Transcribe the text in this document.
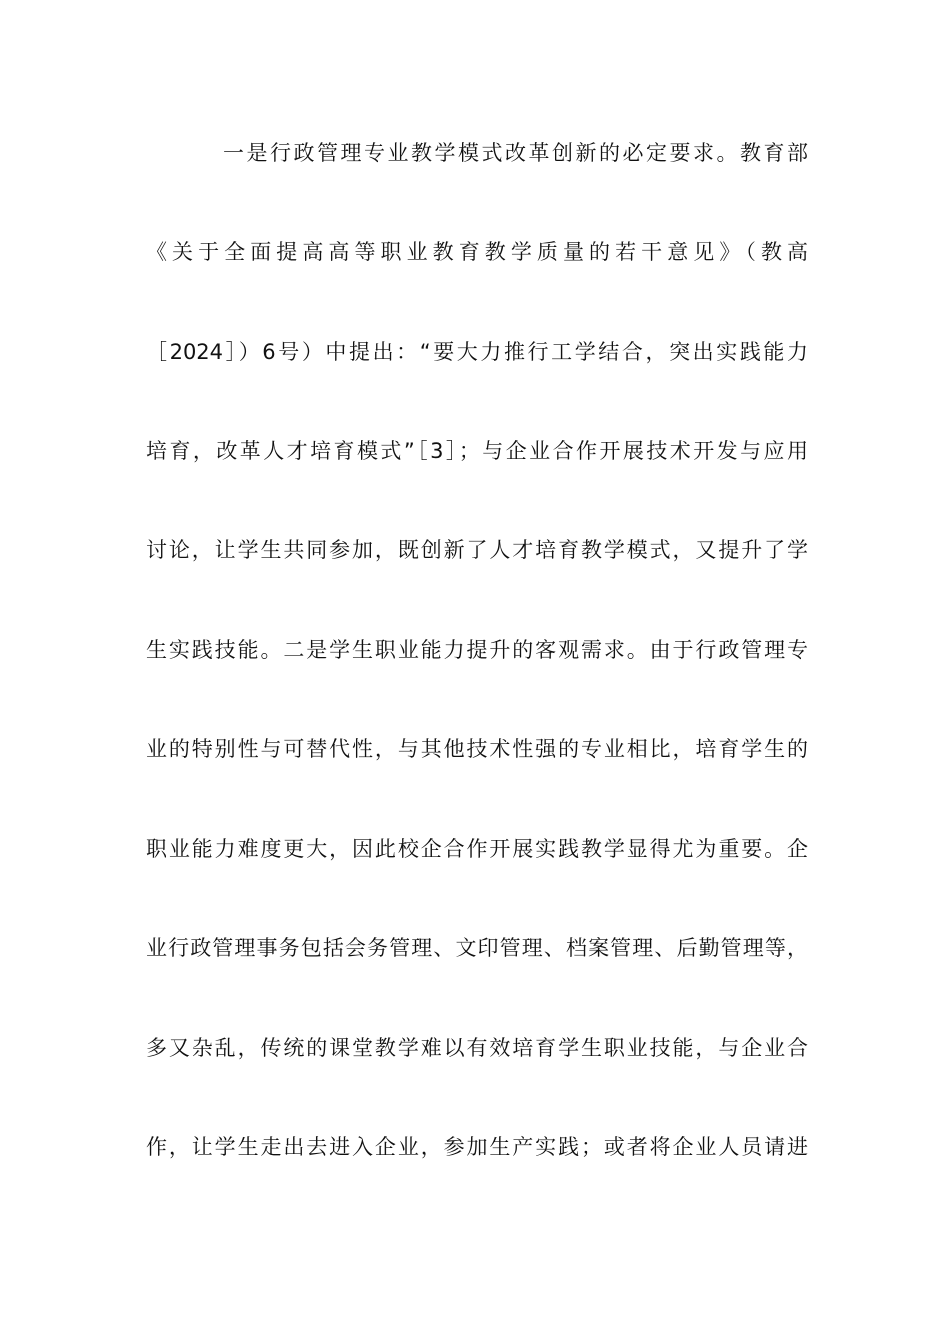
一是行政管理专业教学模式改革创新的必定要求。教育部
《关于全面提高高等职业教育教学质量的若干意见》（教高
［2024］）6号）中提出：“要大力推行工学结合，突出实践能力
培育，改革人才培育模式”［3］；与企业合作开展技术开发与应用
讨论，让学生共同参加，既创新了人才培育教学模式，又提升了学
生实践技能。二是学生职业能力提升的客观需求。由于行政管理专
业的特别性与可替代性，与其他技术性强的专业相比，培育学生的
职业能力难度更大，因此校企合作开展实践教学显得尤为重要。企
业行政管理事务包括会务管理、文印管理、档案管理、后勤管理等，
多又杂乱，传统的课堂教学难以有效培育学生职业技能，与企业合
作，让学生走出去进入企业，参加生产实践；或者将企业人员请进
